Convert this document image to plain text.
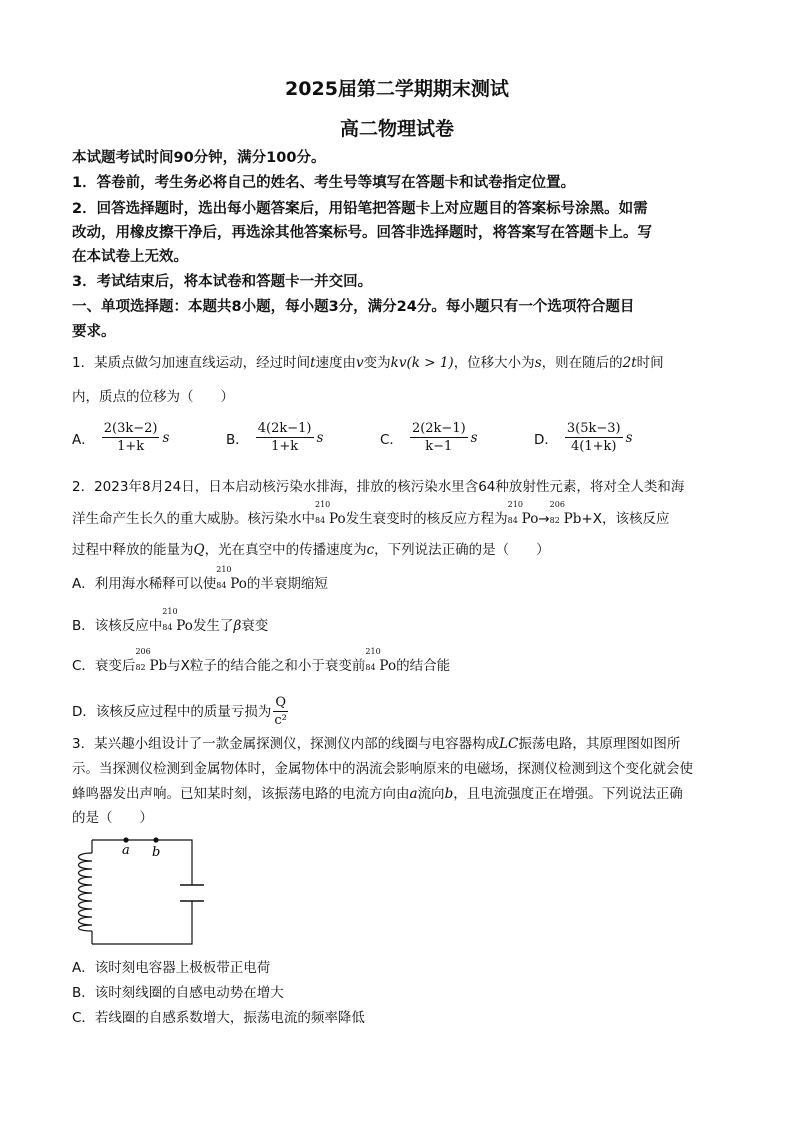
2025届第二学期期末测试
高二物理试卷
本试题考试时间90分钟，满分100分。
1．答卷前，考生务必将自己的姓名、考生号等填写在答题卡和试卷指定位置。
2．回答选择题时，选出每小题答案后，用铅笔把答题卡上对应题目的答案标号涂黑。如需
改动，用橡皮擦干净后，再选涂其他答案标号。回答非选择题时，将答案写在答题卡上。写
在本试卷上无效。
3．考试结束后，将本试卷和答题卡一并交回。
一、单项选择题：本题共8小题，每小题3分，满分24分。每小题只有一个选项符合题目
要求。
1．某质点做匀加速直线运动，经过时间t速度由v变为kv(k > 1)，位移大小为s，则在随后的2t时间
内，质点的位移为（　　）
A． $\frac{2(3k-2)}{1+k}$ s	B． $\frac{4(2k-1)}{1+k}$ s	C． $\frac{2(2k-1)}{k-1}$ s	D． $\frac{3(5k-3)}{4(1+k)}$ s
2．2023年8月24日，日本启动核污染水排海，排放的核污染水里含64种放射性元素，将对全人类和海
洋生命产生长久的重大威胁。核污染水中
210
84 Po发生衰变时的核反应方程为
210
84 Po→
206
82 Pb+X，该核反应
过程中释放的能量为Q，光在真空中的传播速度为c，下列说法正确的是（　　）
A．利用海水稀释可以使
210
84 Po的半衰期缩短
B．该核反应中
210
84 Po发生了β衰变
C．衰变后
206
82 Pb与X粒子的结合能之和小于衰变前
210
84 Po的结合能
D．该核反应过程中的质量亏损为 $\frac{Q}{\text{c²}}$
3．某兴趣小组设计了一款金属探测仪，探测仪内部的线圈与电容器构成LC振荡电路，其原理图如图所
示。当探测仪检测到金属物体时，金属物体中的涡流会影响原来的电磁场，探测仪检测到这个变化就会使
蜂鸣器发出声响。已知某时刻，该振荡电路的电流方向由a流向b，且电流强度正在增强。下列说法正确
的是（　　）
a b
A．该时刻电容器上极板带正电荷
B．该时刻线圈的自感电动势在增大
C．若线圈的自感系数增大，振荡电流的频率降低
